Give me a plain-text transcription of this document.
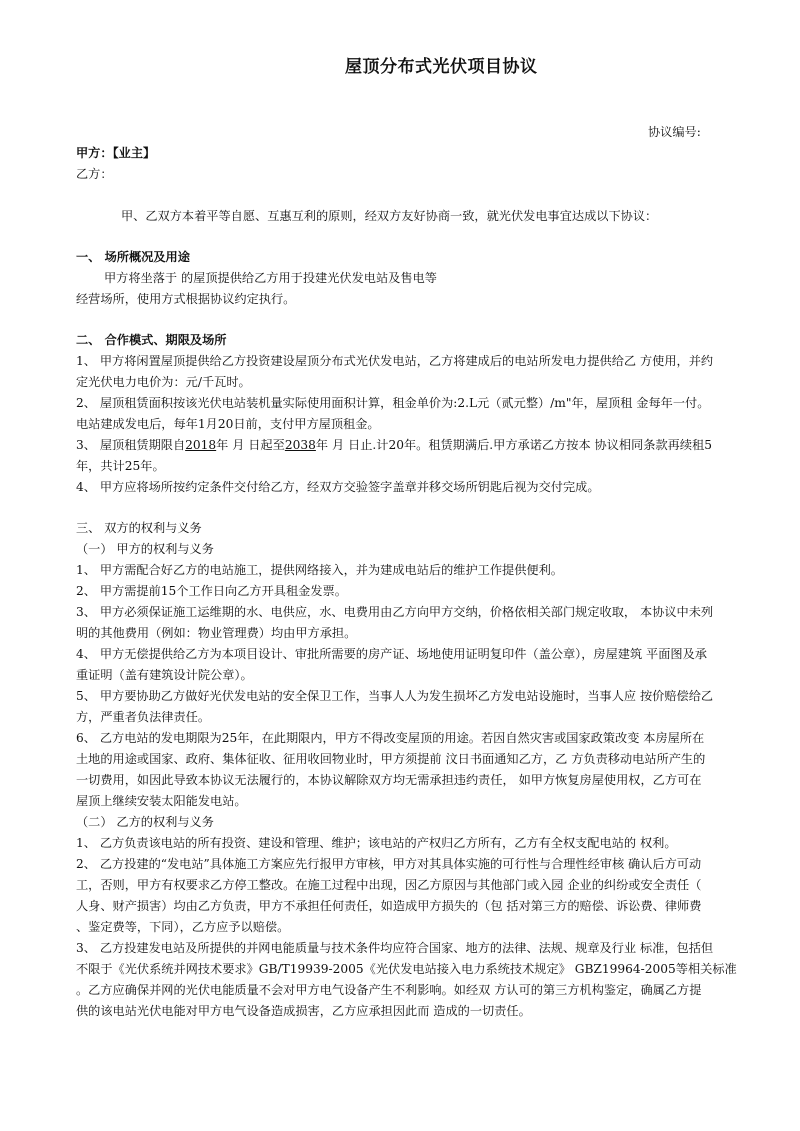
屋顶分布式光伏项目协议
协议编号:
甲方：【业主】
乙方：
甲、乙双方本着平等自愿、互惠互利的原则，经双方友好协商一致，就光伏发电事宜达成以下协议：
一、 场所概况及用途
甲方将坐落于 的屋顶提供给乙方用于投建光伏发电站及售电等
经营场所，使用方式根据协议约定执行。
二、 合作模式、期限及场所
1、 甲方将闲置屋顶提供给乙方投资建设屋顶分布式光伏发电站，乙方将建成后的电站所发电力提供给乙 方使用，并约
定光伏电力电价为：元/千瓦时。
2、 屋顶租赁面积按该光伏电站装机量实际使用面积计算，租金单价为:2.L元（贰元整）/m"年，屋顶租 金每年一付。
电站建成发电后，每年1月20日前，支付甲方屋顶租金。
3、 屋顶租赁期限自2018年 月 日起至2038年 月 日止.计20年。租赁期满后.甲方承诺乙方按本 协议相同条款再续租5
年，共计25年。
4、 甲方应将场所按约定条件交付给乙方，经双方交验签字盖章并移交场所钥匙后视为交付完成。
三、 双方的权利与义务
（一） 甲方的权利与义务
1、 甲方需配合好乙方的电站施工，提供网络接入，并为建成电站后的维护工作提供便利。
2、 甲方需提前15个工作日向乙方开具租金发票。
3、 甲方必须保证施工运维期的水、电供应，水、电费用由乙方向甲方交纳，价格依相关部门规定收取， 本协议中未列
明的其他费用（例如：物业管理费）均由甲方承担。
4、 甲方无偿提供给乙方为本项目设计、审批所需要的房产证、场地使用证明复印件（盖公章），房屋建筑 平面图及承
重证明（盖有建筑设计院公章）。
5、 甲方要协助乙方做好光伏发电站的安全保卫工作，当事人人为发生损坏乙方发电站设施时，当事人应 按价赔偿给乙
方，严重者负法律责任。
6、 乙方电站的发电期限为25年，在此期限内，甲方不得改变屋顶的用途。若因自然灾害或国家政策改变 本房屋所在
土地的用途或国家、政府、集体征收、征用收回物业时，甲方须提前 汶日书面通知乙方，乙 方负责移动电站所产生的
一切费用，如因此导致本协议无法履行的，本协议解除双方均无需承担违约责任， 如甲方恢复房屋使用权，乙方可在
屋顶上继续安装太阳能发电站。
（二） 乙方的权利与义务
1、 乙方负责该电站的所有投资、建设和管理、维护；该电站的产权归乙方所有，乙方有全权支配电站的 权利。
2、 乙方投建的“发电站”具体施工方案应先行报甲方审核，甲方对其具体实施的可行性与合理性经审核 确认后方可动
工，否则，甲方有权要求乙方停工整改。在施工过程中出现，因乙方原因与其他部门或入园 企业的纠纷或安全责任（
人身、财产损害）均由乙方负责，甲方不承担任何责任，如造成甲方损失的（包 括对第三方的赔偿、诉讼费、律师费
、鉴定费等，下同），乙方应予以赔偿。
3、 乙方投建发电站及所提供的并网电能质量与技术条件均应符合国家、地方的法律、法规、规章及行业 标准，包括但
不限于《光伏系统并网技术要求》GB/T19939-2005《光伏发电站接入电力系统技术规定》 GBZ19964-2005等相关标准
。乙方应确保并网的光伏电能质量不会对甲方电气设备产生不利影响。如经双 方认可的第三方机构鉴定，确属乙方提
供的该电站光伏电能对甲方电气设备造成损害，乙方应承担因此而 造成的一切责任。
